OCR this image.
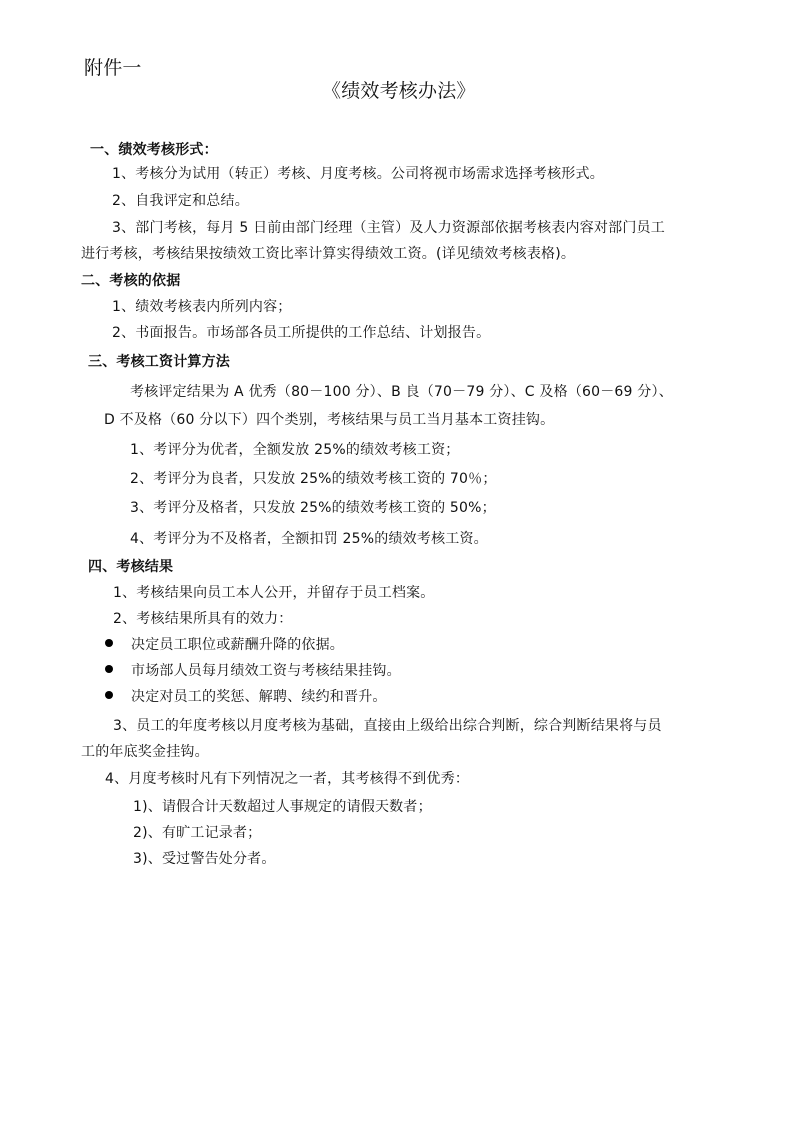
附件一
《绩效考核办法》
一、绩效考核形式：
1、考核分为试用（转正）考核、月度考核。公司将视市场需求选择考核形式。
2、自我评定和总结。
3、部门考核，每月 5 日前由部门经理（主管）及人力资源部依据考核表内容对部门员工
进行考核，考核结果按绩效工资比率计算实得绩效工资。(详见绩效考核表格)。
二、考核的依据
1、绩效考核表内所列内容；
2、书面报告。市场部各员工所提供的工作总结、计划报告。
三、考核工资计算方法
考核评定结果为 A 优秀（80－100 分）、B 良（70－79 分）、C 及格（60－69 分）、
D 不及格（60 分以下）四个类别，考核结果与员工当月基本工资挂钩。
1、考评分为优者，全额发放 25%的绩效考核工资；
2、考评分为良者，只发放 25%的绩效考核工资的 70％；
3、考评分及格者，只发放 25%的绩效考核工资的 50%；
4、考评分为不及格者，全额扣罚 25%的绩效考核工资。
四、考核结果
1、考核结果向员工本人公开，并留存于员工档案。
2、考核结果所具有的效力：
决定员工职位或薪酬升降的依据。
市场部人员每月绩效工资与考核结果挂钩。
决定对员工的奖惩、解聘、续约和晋升。
3、员工的年度考核以月度考核为基础，直接由上级给出综合判断，综合判断结果将与员
工的年底奖金挂钩。
4、月度考核时凡有下列情况之一者，其考核得不到优秀：
1)、请假合计天数超过人事规定的请假天数者；
2)、有旷工记录者；
3)、受过警告处分者。
